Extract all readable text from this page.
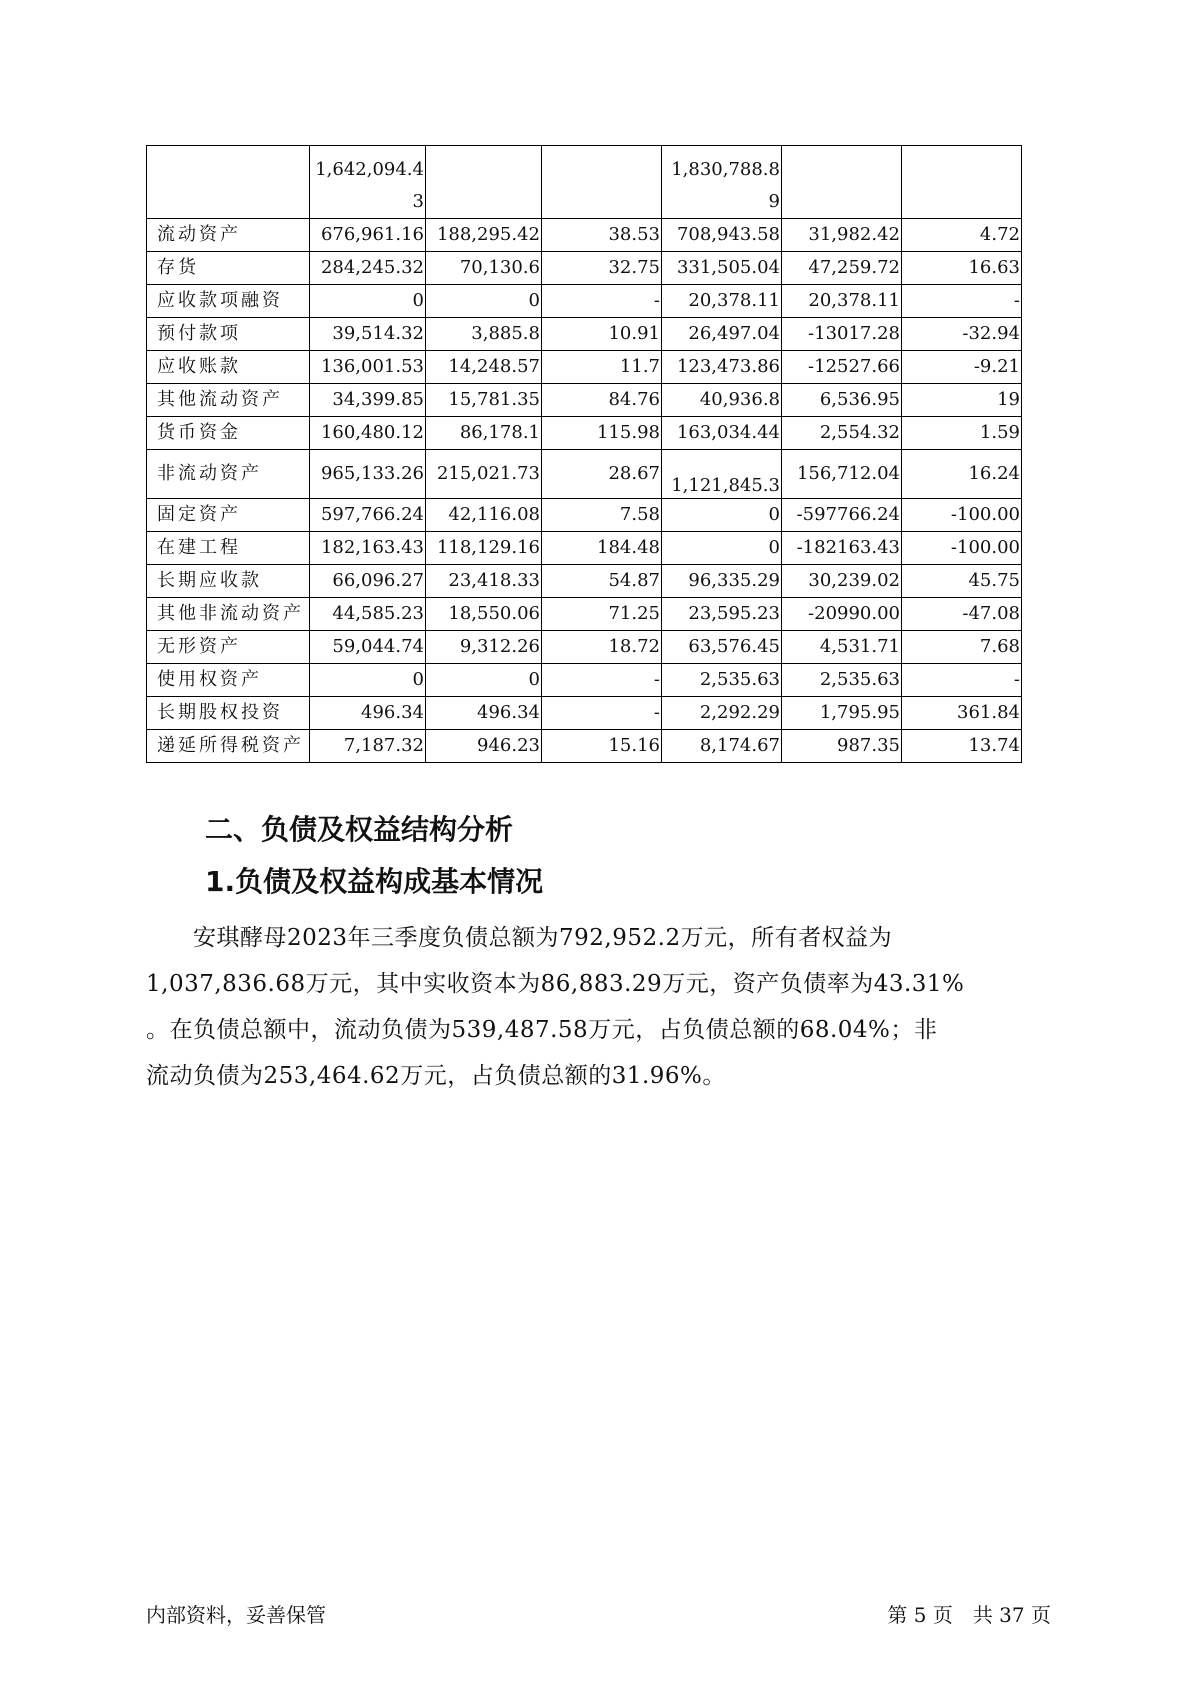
	1,642,094.43			1,830,788.89		

流动资产	676,961.16	188,295.42	38.53	708,943.58	31,982.42	4.72
存货	284,245.32	70,130.6	32.75	331,505.04	47,259.72	16.63
应收款项融资	0	0	-	20,378.11	20,378.11	-
预付款项	39,514.32	3,885.8	10.91	26,497.04	-13017.28	-32.94
应收账款	136,001.53	14,248.57	11.7	123,473.86	-12527.66	-9.21
其他流动资产	34,399.85	15,781.35	84.76	40,936.8	6,536.95	19
货币资金	160,480.12	86,178.1	115.98	163,034.44	2,554.32	1.59
非流动资产	965,133.26	215,021.73	28.67	1,121,845.3	156,712.04	16.24
固定资产	597,766.24	42,116.08	7.58	0	-597766.24	-100.00
在建工程	182,163.43	118,129.16	184.48	0	-182163.43	-100.00
长期应收款	66,096.27	23,418.33	54.87	96,335.29	30,239.02	45.75
其他非流动资产	44,585.23	18,550.06	71.25	23,595.23	-20990.00	-47.08
无形资产	59,044.74	9,312.26	18.72	63,576.45	4,531.71	7.68
使用权资产	0	0	-	2,535.63	2,535.63	-
长期股权投资	496.34	496.34	-	2,292.29	1,795.95	361.84
递延所得税资产	7,187.32	946.23	15.16	8,174.67	987.35	13.74
二、负债及权益结构分析
1.负债及权益构成基本情况
　　安琪酵母2023年三季度负债总额为792,952.2万元，所有者权益为
1,037,836.68万元，其中实收资本为86,883.29万元，资产负债率为43.31%
。在负债总额中，流动负债为539,487.58万元，占负债总额的68.04%；非
流动负债为253,464.62万元，占负债总额的31.96%。
内部资料，妥善保管	第 5 页　共 37 页
